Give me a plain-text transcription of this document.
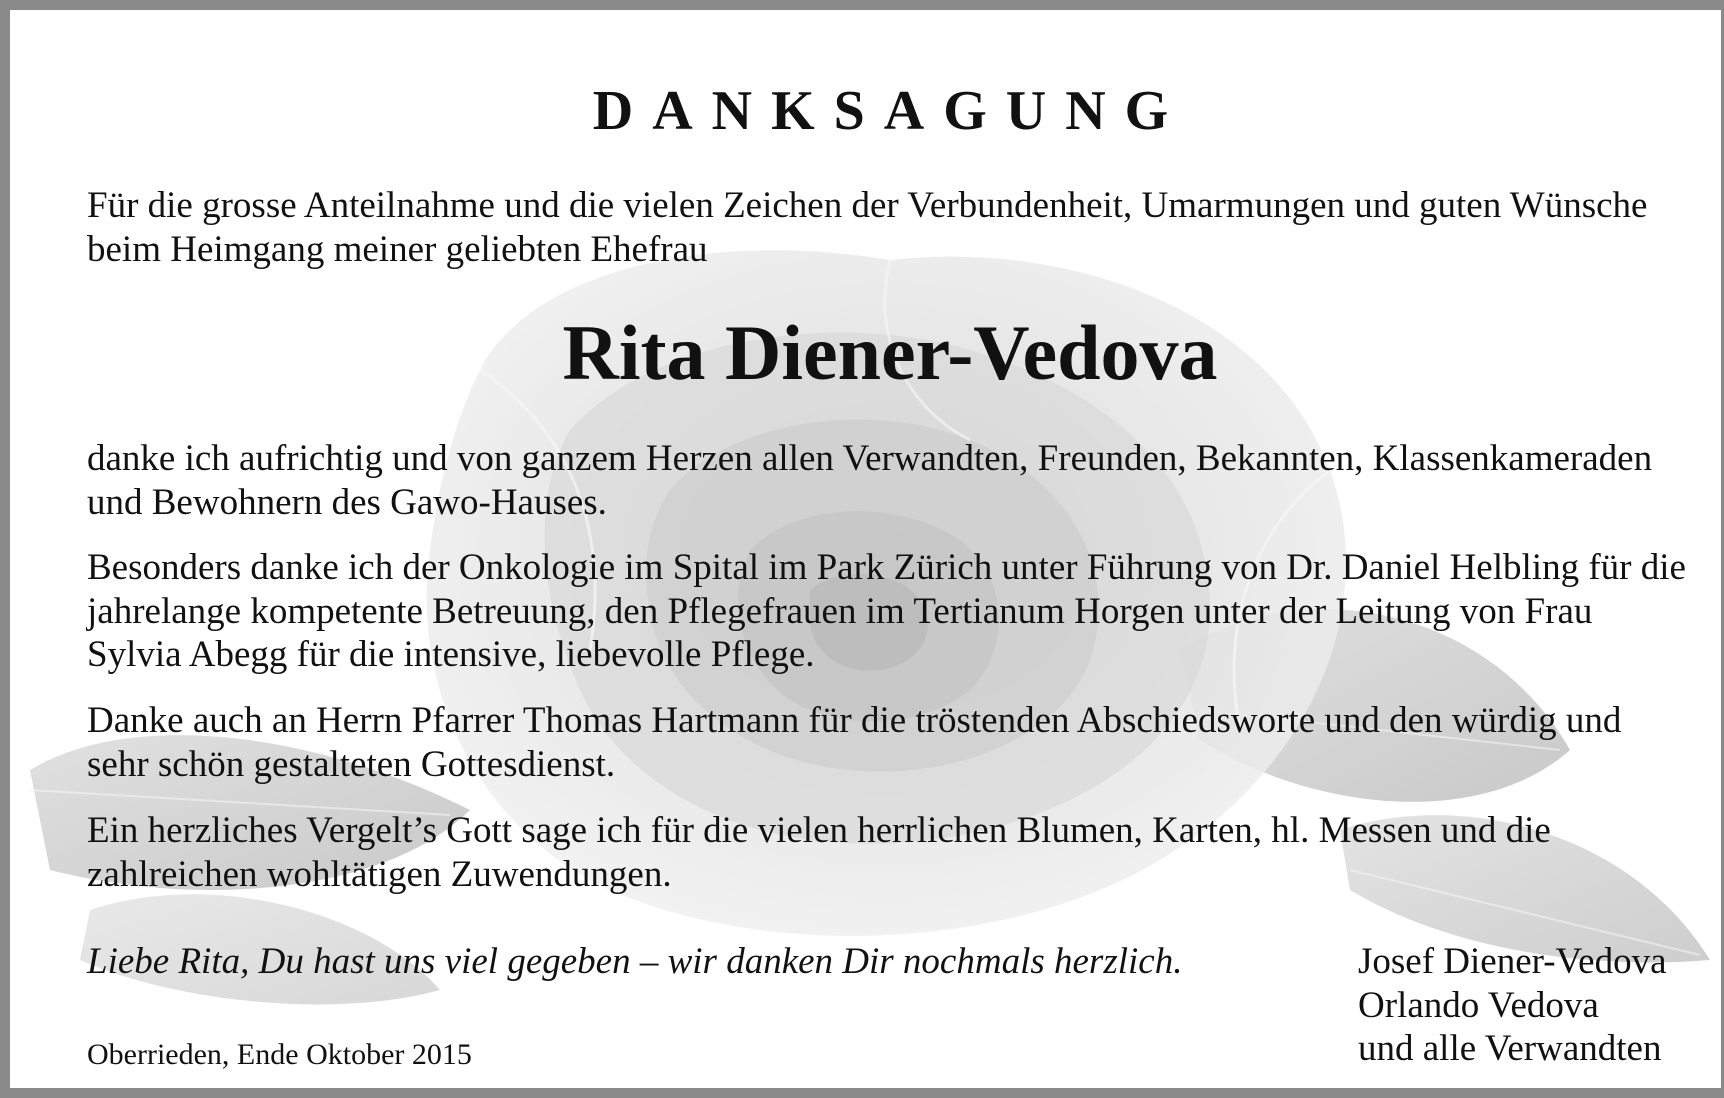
DANKSAGUNG

Für die grosse Anteilnahme und die vielen Zeichen der Verbundenheit, Umarmungen und guten Wünsche beim Heimgang meiner geliebten Ehefrau

Rita Diener-Vedova

danke ich aufrichtig und von ganzem Herzen allen Verwandten, Freunden, Bekannten, Klassenkameraden und Bewohnern des Gawo-Hauses.

Besonders danke ich der Onkologie im Spital im Park Zürich unter Führung von Dr. Daniel Helbling für die jahrelange kompetente Betreuung, den Pflegefrauen im Tertianum Horgen unter der Leitung von Frau Sylvia Abegg für die intensive, liebevolle Pflege.

Danke auch an Herrn Pfarrer Thomas Hartmann für die tröstenden Abschiedsworte und den würdig und sehr schön gestalteten Gottesdienst.

Ein herzliches Vergelt’s Gott sage ich für die vielen herrlichen Blumen, Karten, hl. Messen und die zahlreichen wohltätigen Zuwendungen.

Liebe Rita, Du hast uns viel gegeben – wir danken Dir nochmals herzlich.
Oberrieden, Ende Oktober 2015
Josef Diener-Vedova
Orlando Vedova
und alle Verwandten
